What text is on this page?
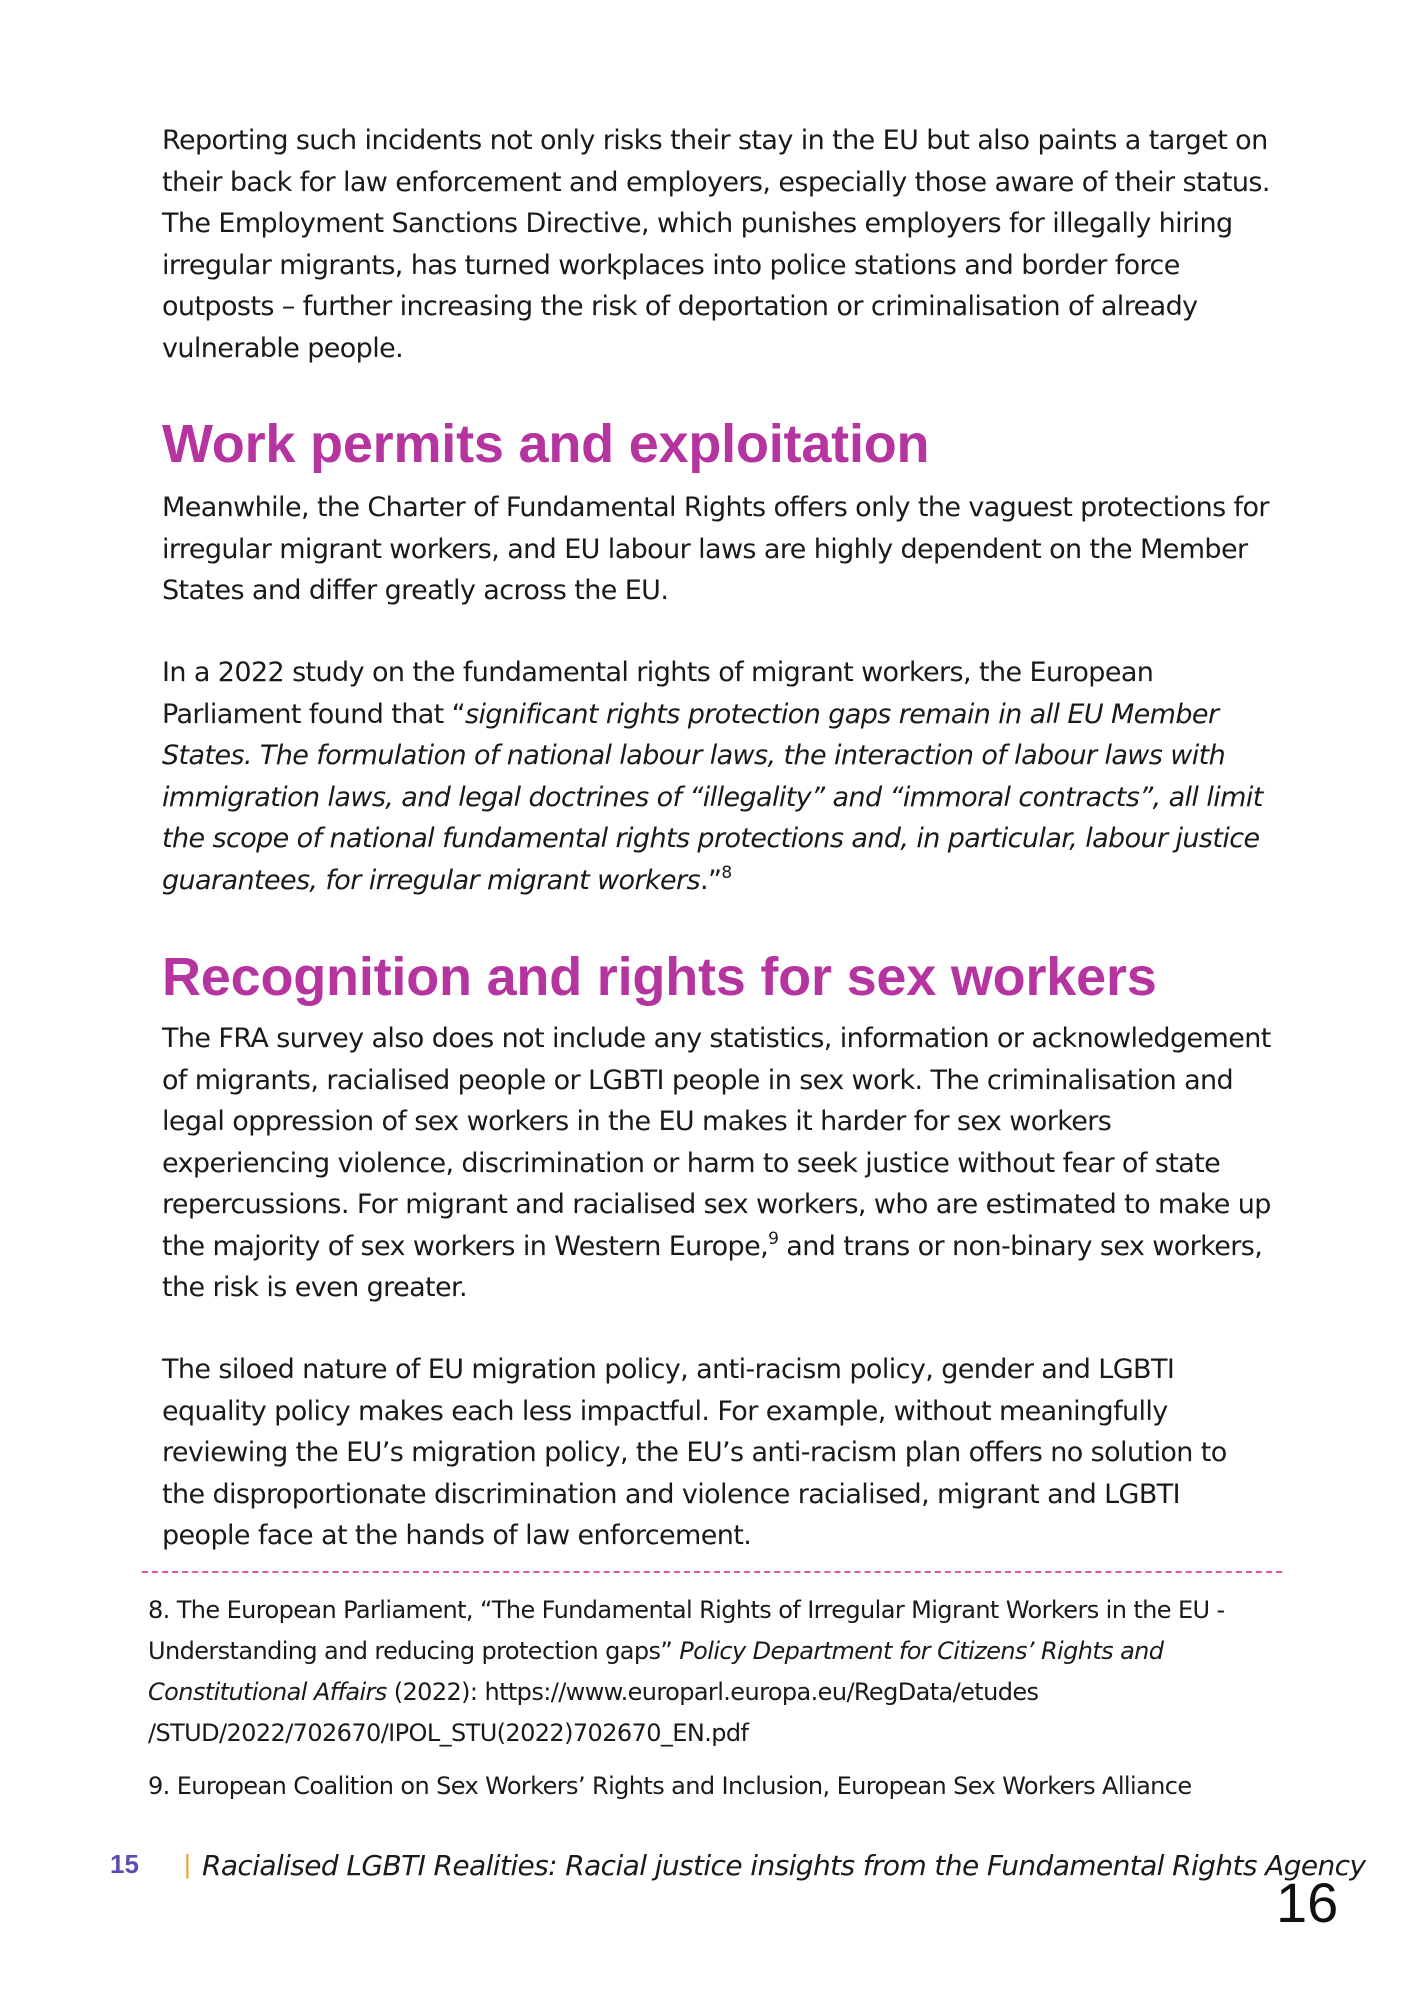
Reporting such incidents not only risks their stay in the EU but also paints a target on their back for law enforcement and employers, especially those aware of their status. The Employment Sanctions Directive, which punishes employers for illegally hiring irregular migrants, has turned workplaces into police stations and border force outposts – further increasing the risk of deportation or criminalisation of already vulnerable people.

Work permits and exploitation

Meanwhile, the Charter of Fundamental Rights offers only the vaguest protections for irregular migrant workers, and EU labour laws are highly dependent on the Member States and differ greatly across the EU.

In a 2022 study on the fundamental rights of migrant workers, the European Parliament found that “significant rights protection gaps remain in all EU Member States. The formulation of national labour laws, the interaction of labour laws with immigration laws, and legal doctrines of “illegality” and “immoral contracts”, all limit the scope of national fundamental rights protections and, in particular, labour justice guarantees, for irregular migrant workers.”$^8$

Recognition and rights for sex workers

The FRA survey also does not include any statistics, information or acknowledgement of migrants, racialised people or LGBTI people in sex work. The criminalisation and legal oppression of sex workers in the EU makes it harder for sex workers experiencing violence, discrimination or harm to seek justice without fear of state repercussions. For migrant and racialised sex workers, who are estimated to make up the majority of sex workers in Western Europe,$^9$ and trans or non-binary sex workers, the risk is even greater.

The siloed nature of EU migration policy, anti-racism policy, gender and LGBTI equality policy makes each less impactful. For example, without meaningfully reviewing the EU’s migration policy, the EU’s anti-racism plan offers no solution to the disproportionate discrimination and violence racialised, migrant and LGBTI people face at the hands of law enforcement.

8. The European Parliament, “The Fundamental Rights of Irregular Migrant Workers in the EU - Understanding and reducing protection gaps” Policy Department for Citizens’ Rights and Constitutional Affairs (2022): https://www.europarl.europa.eu/RegData/etudes
/STUD/2022/702670/IPOL_STU(2022)702670_EN.pdf

9. European Coalition on Sex Workers’ Rights and Inclusion, European Sex Workers Alliance

15 | Racialised LGBTI Realities: Racial justice insights from the Fundamental Rights Agency
16
